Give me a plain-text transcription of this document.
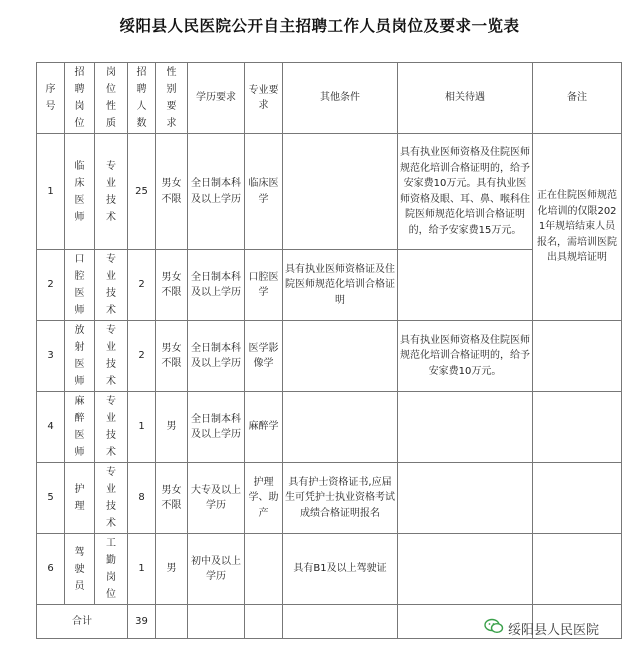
绥阳县人民医院公开自主招聘工作人员岗位及要求一览表
序号	招聘岗位	岗位性质	招聘人数	性别要求	学历要求	专业要求	其他条件	相关待遇	备注
1	临床医师	专业技术	25	男女不限	全日制本科及以上学历	临床医学		具有执业医师资格及住院医师规范化培训合格证明的，给予安家费10万元。具有执业医师资格及眼、耳、鼻、喉科住院医师规范化培训合格证明的，给予安家费15万元。	正在住院医师规范化培训的仅限2021年规培结束人员报名，需培训医院出具规培证明
2	口腔医师	专业技术	2	男女不限	全日制本科及以上学历	口腔医学	具有执业医师资格证及住院医师规范化培训合格证明		
3	放射医师	专业技术	2	男女不限	全日制本科及以上学历	医学影像学		具有执业医师资格及住院医师规范化培训合格证明的，给予安家费10万元。	
4	麻醉医师	专业技术	1	男	全日制本科及以上学历	麻醉学			
5	护理	专业技术	8	男女不限	大专及以上学历	护理学、助产	具有护士资格证书,应届生可凭护士执业资格考试成绩合格证明报名		
6	驾驶员	工勤岗位	1	男	初中及以上学历		具有B1及以上驾驶证		
合计			39						
绥阳县人民医院
